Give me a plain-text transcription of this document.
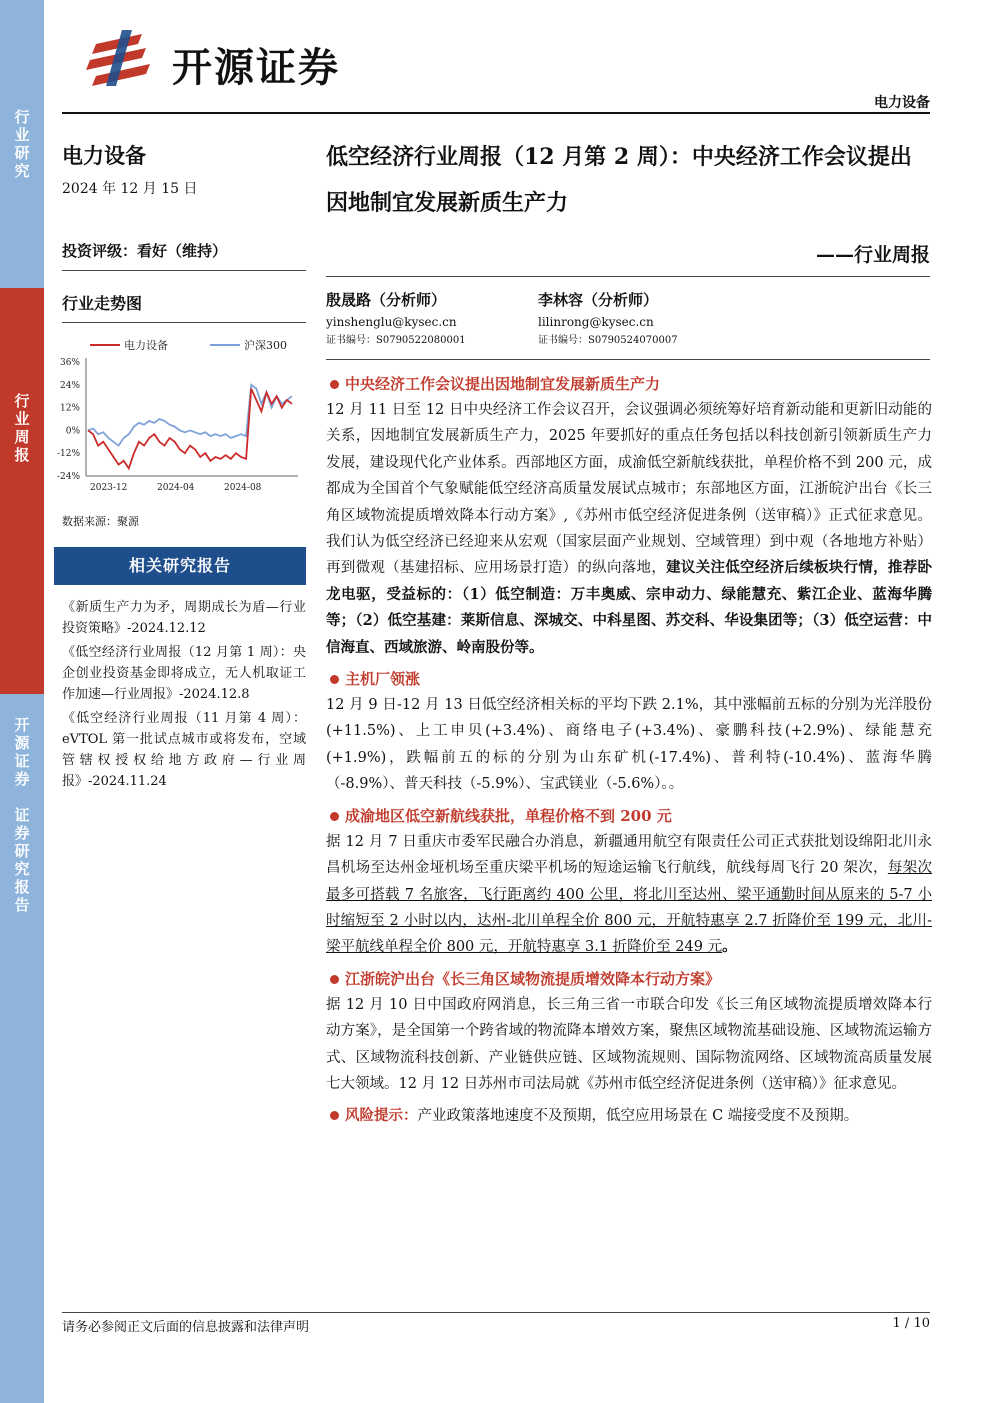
行
业
研
究
行
业
周
报
开
源
证
券

证
券
研
究
报
告
开源证券
电力设备
电力设备
2024 年 12 月 15 日
投资评级：看好（维持）
行业走势图
电力设备	沪深300
36%
24%
12%
0%
-12%
-24%
2023-12	2024-04	2024-08
数据来源：聚源
相关研究报告

《新质生产力为矛，周期成长为盾—行业投资策略》-2024.12.12

《低空经济行业周报（12 月第 1 周）：央企创业投资基金即将成立，无人机取证工作加速—行业周报》-2024.12.8

《低空经济行业周报（11 月第 4 周）：eVTOL 第一批试点城市或将发布，空域管辖权授权给地方政府—行业周报》-2024.11.24

低空经济行业周报（12 月第 2 周）：中央经济工作会议提出因地制宜发展新质生产力
——行业周报
殷晟路（分析师）
yinshenglu@kysec.cn
证书编号：S0790522080001
李林容（分析师）
lilinrong@kysec.cn
证书编号：S0790524070007
中央经济工作会议提出因地制宜发展新质生产力
12 月 11 日至 12 日中央经济工作会议召开，会议强调必须统筹好培育新动能和更新旧动能的关系，因地制宜发展新质生产力，2025 年要抓好的重点任务包括以科技创新引领新质生产力发展，建设现代化产业体系。西部地区方面，成渝低空新航线获批，单程价格不到 200 元，成都成为全国首个气象赋能低空经济高质量发展试点城市；东部地区方面，江浙皖沪出台《长三角区域物流提质增效降本行动方案》,《苏州市低空经济促进条例（送审稿）》正式征求意见。我们认为低空经济已经迎来从宏观（国家层面产业规划、空域管理）到中观（各地地方补贴）再到微观（基建招标、应用场景打造）的纵向落地，建议关注低空经济后续板块行情，推荐卧龙电驱，受益标的：（1）低空制造：万丰奥威、宗申动力、绿能慧充、紫江企业、蓝海华腾等；（2）低空基建：莱斯信息、深城交、中科星图、苏交科、华设集团等；（3）低空运营：中信海直、西域旅游、岭南股份等。
主机厂领涨
12 月 9 日-12 月 13 日低空经济相关标的平均下跌 2.1%，其中涨幅前五标的分别为光洋股份(+11.5%)、上工申贝(+3.4%)、商络电子(+3.4%)、豪鹏科技(+2.9%)、绿能慧充(+1.9%)，跌幅前五的标的分别为山东矿机(-17.4%)、普利特(-10.4%)、蓝海华腾（-8.9%）、普天科技（-5.9%）、宝武镁业（-5.6%）。。
成渝地区低空新航线获批，单程价格不到 200 元
据 12 月 7 日重庆市委军民融合办消息，新疆通用航空有限责任公司正式获批划设绵阳北川永昌机场至达州金垭机场至重庆梁平机场的短途运输飞行航线，航线每周飞行 20 架次，每架次最多可搭载 7 名旅客，飞行距离约 400 公里，将北川至达州、梁平通勤时间从原来的 5-7 小时缩短至 2 小时以内，达州-北川单程全价 800 元，开航特惠享 2.7 折降价至 199 元，北川-梁平航线单程全价 800 元，开航特惠享 3.1 折降价至 249 元。
江浙皖沪出台《长三角区域物流提质增效降本行动方案》
据 12 月 10 日中国政府网消息，长三角三省一市联合印发《长三角区域物流提质增效降本行动方案》，是全国第一个跨省域的物流降本增效方案，聚焦区域物流基础设施、区域物流运输方式、区域物流科技创新、产业链供应链、区域物流规则、国际物流网络、区域物流高质量发展七大领域。12 月 12 日苏州市司法局就《苏州市低空经济促进条例（送审稿）》征求意见。
风险提示：产业政策落地速度不及预期，低空应用场景在 C 端接受度不及预期。
请务必参阅正文后面的信息披露和法律声明	1 / 10
